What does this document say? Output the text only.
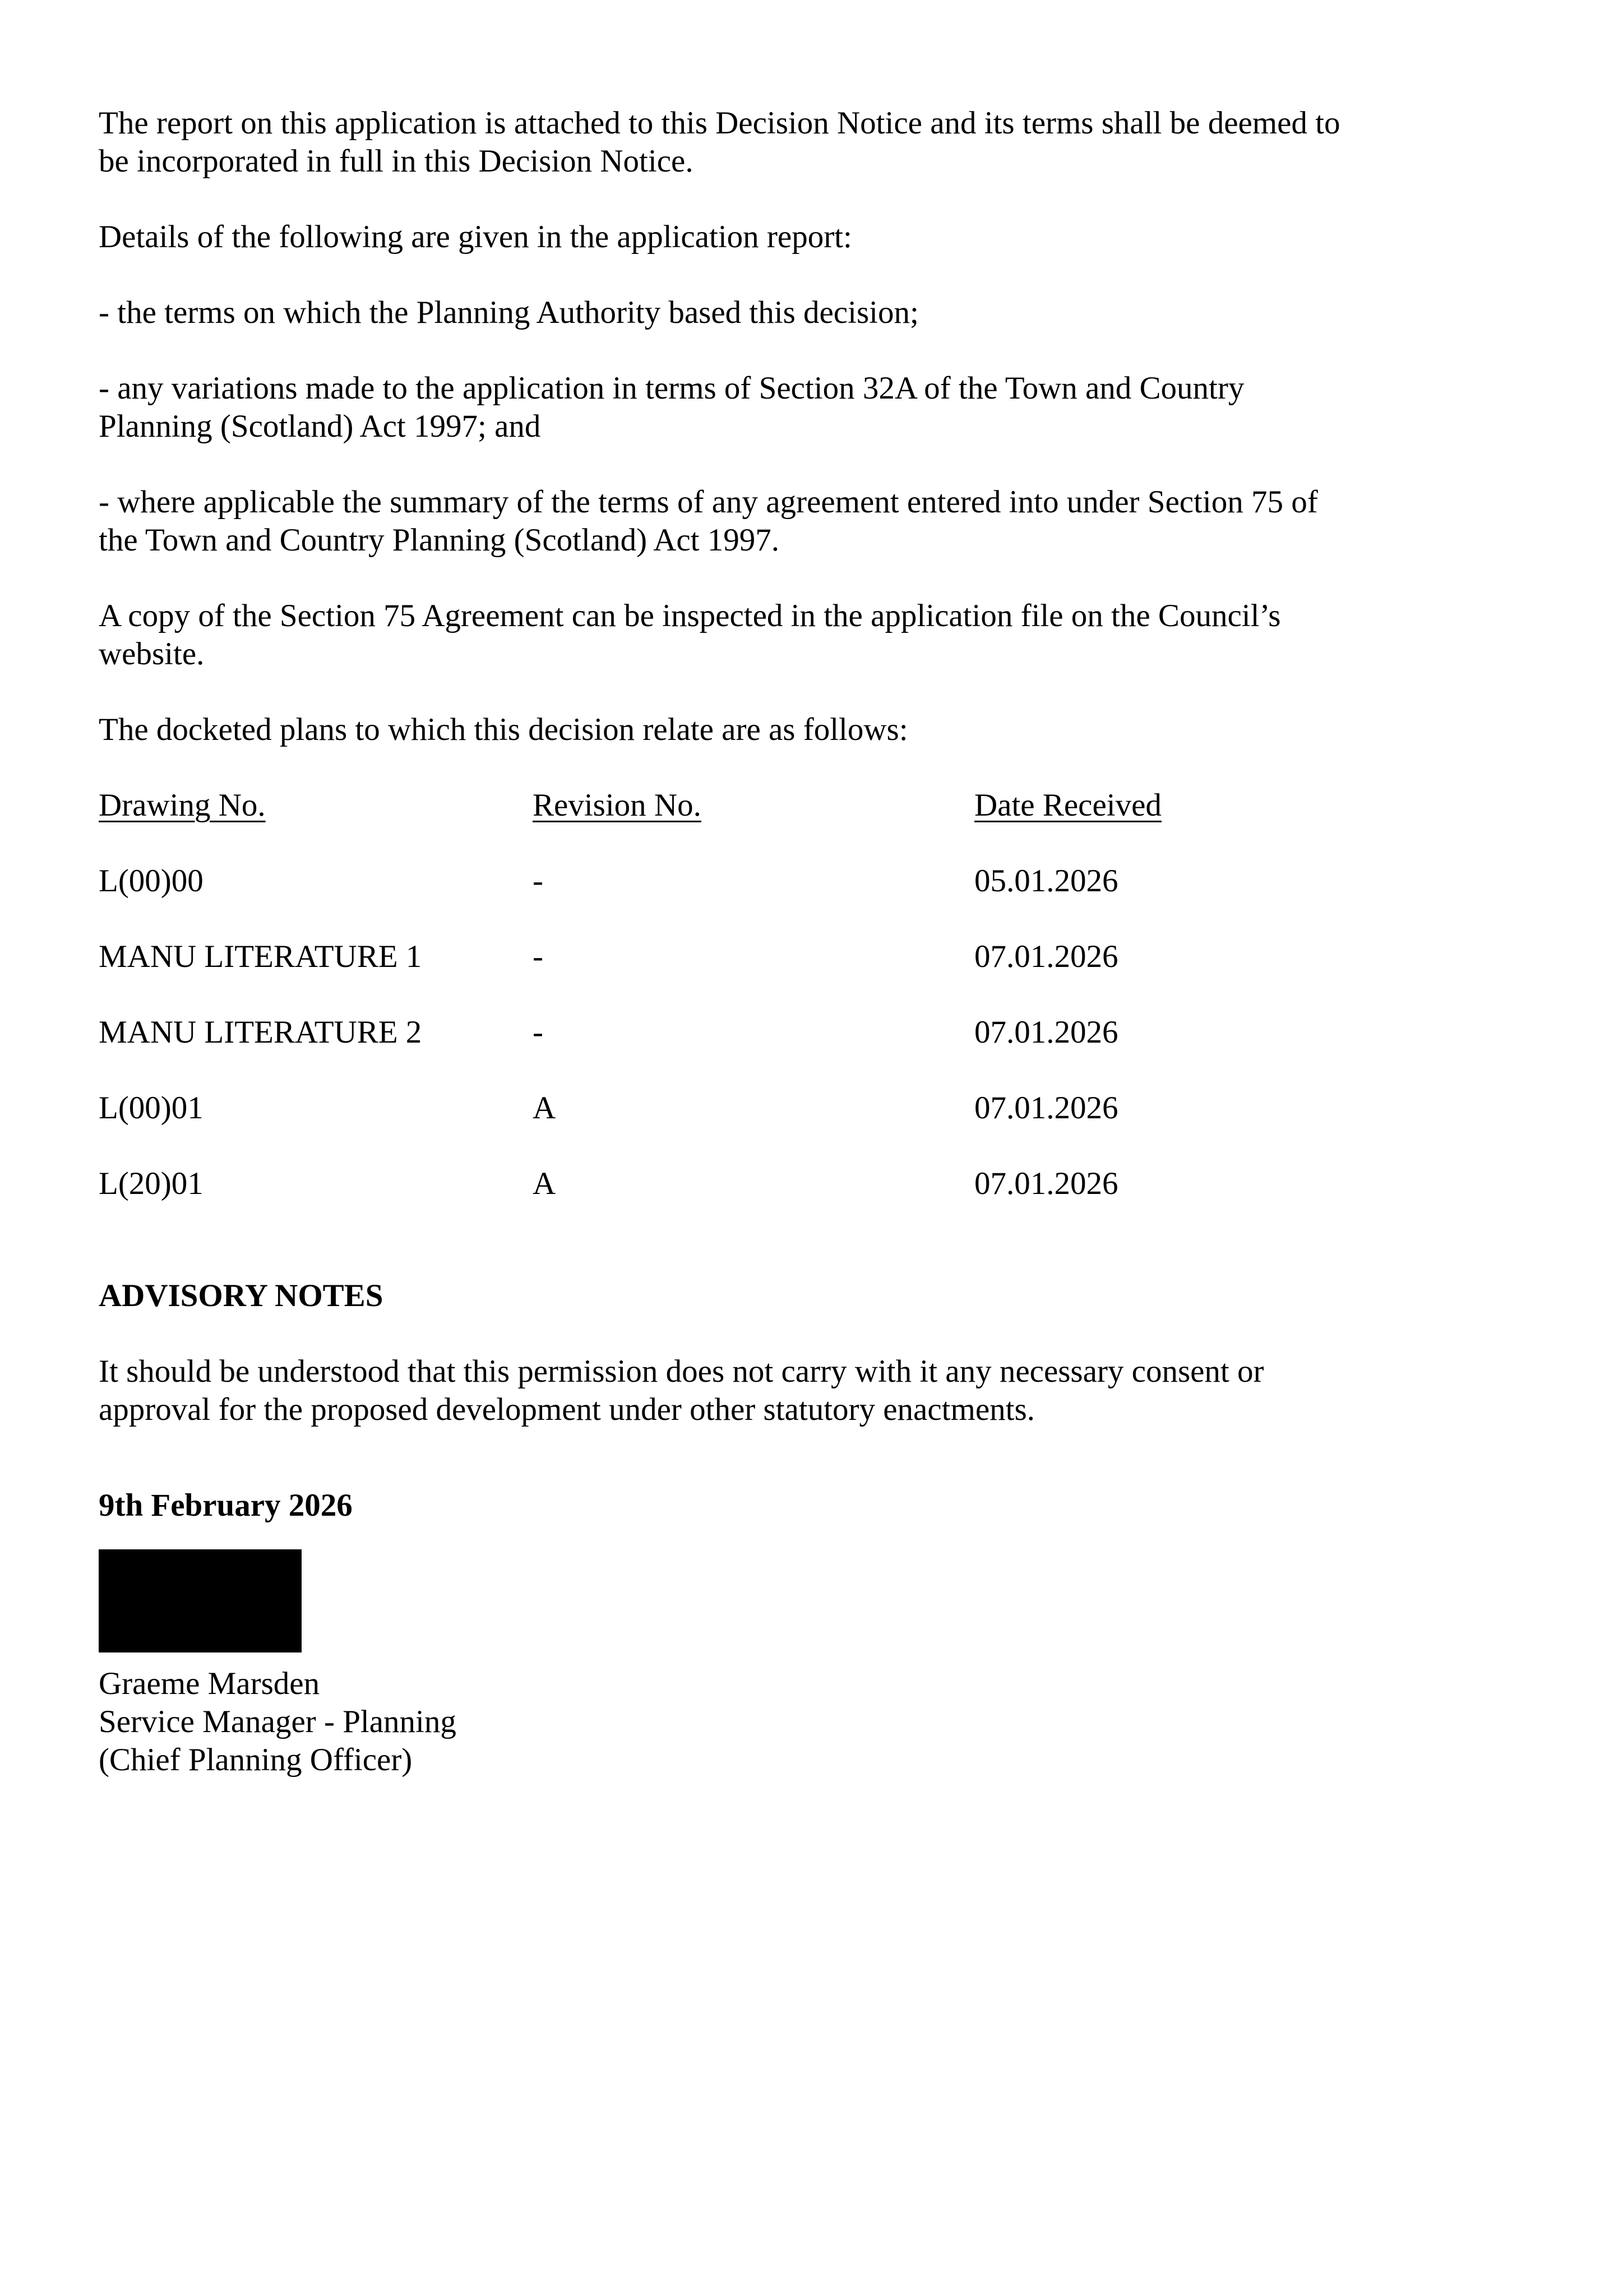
The report on this application is attached to this Decision Notice and its terms shall be deemed to
be incorporated in full in this Decision Notice.

Details of the following are given in the application report:

- the terms on which the Planning Authority based this decision;

- any variations made to the application in terms of Section 32A of the Town and Country
Planning (Scotland) Act 1997; and

- where applicable the summary of the terms of any agreement entered into under Section 75 of
the Town and Country Planning (Scotland) Act 1997.

A copy of the Section 75 Agreement can be inspected in the application file on the Council’s
website.

The docketed plans to which this decision relate are as follows:

Drawing No.	Revision No.	Date Received
L(00)00	-	05.01.2026
MANU LITERATURE 1	-	07.01.2026
MANU LITERATURE 2	-	07.01.2026
L(00)01	A	07.01.2026
L(20)01	A	07.01.2026

ADVISORY NOTES

It should be understood that this permission does not carry with it any necessary consent or
approval for the proposed development under other statutory enactments.

9th February 2026

Graeme Marsden
Service Manager - Planning
(Chief Planning Officer)
